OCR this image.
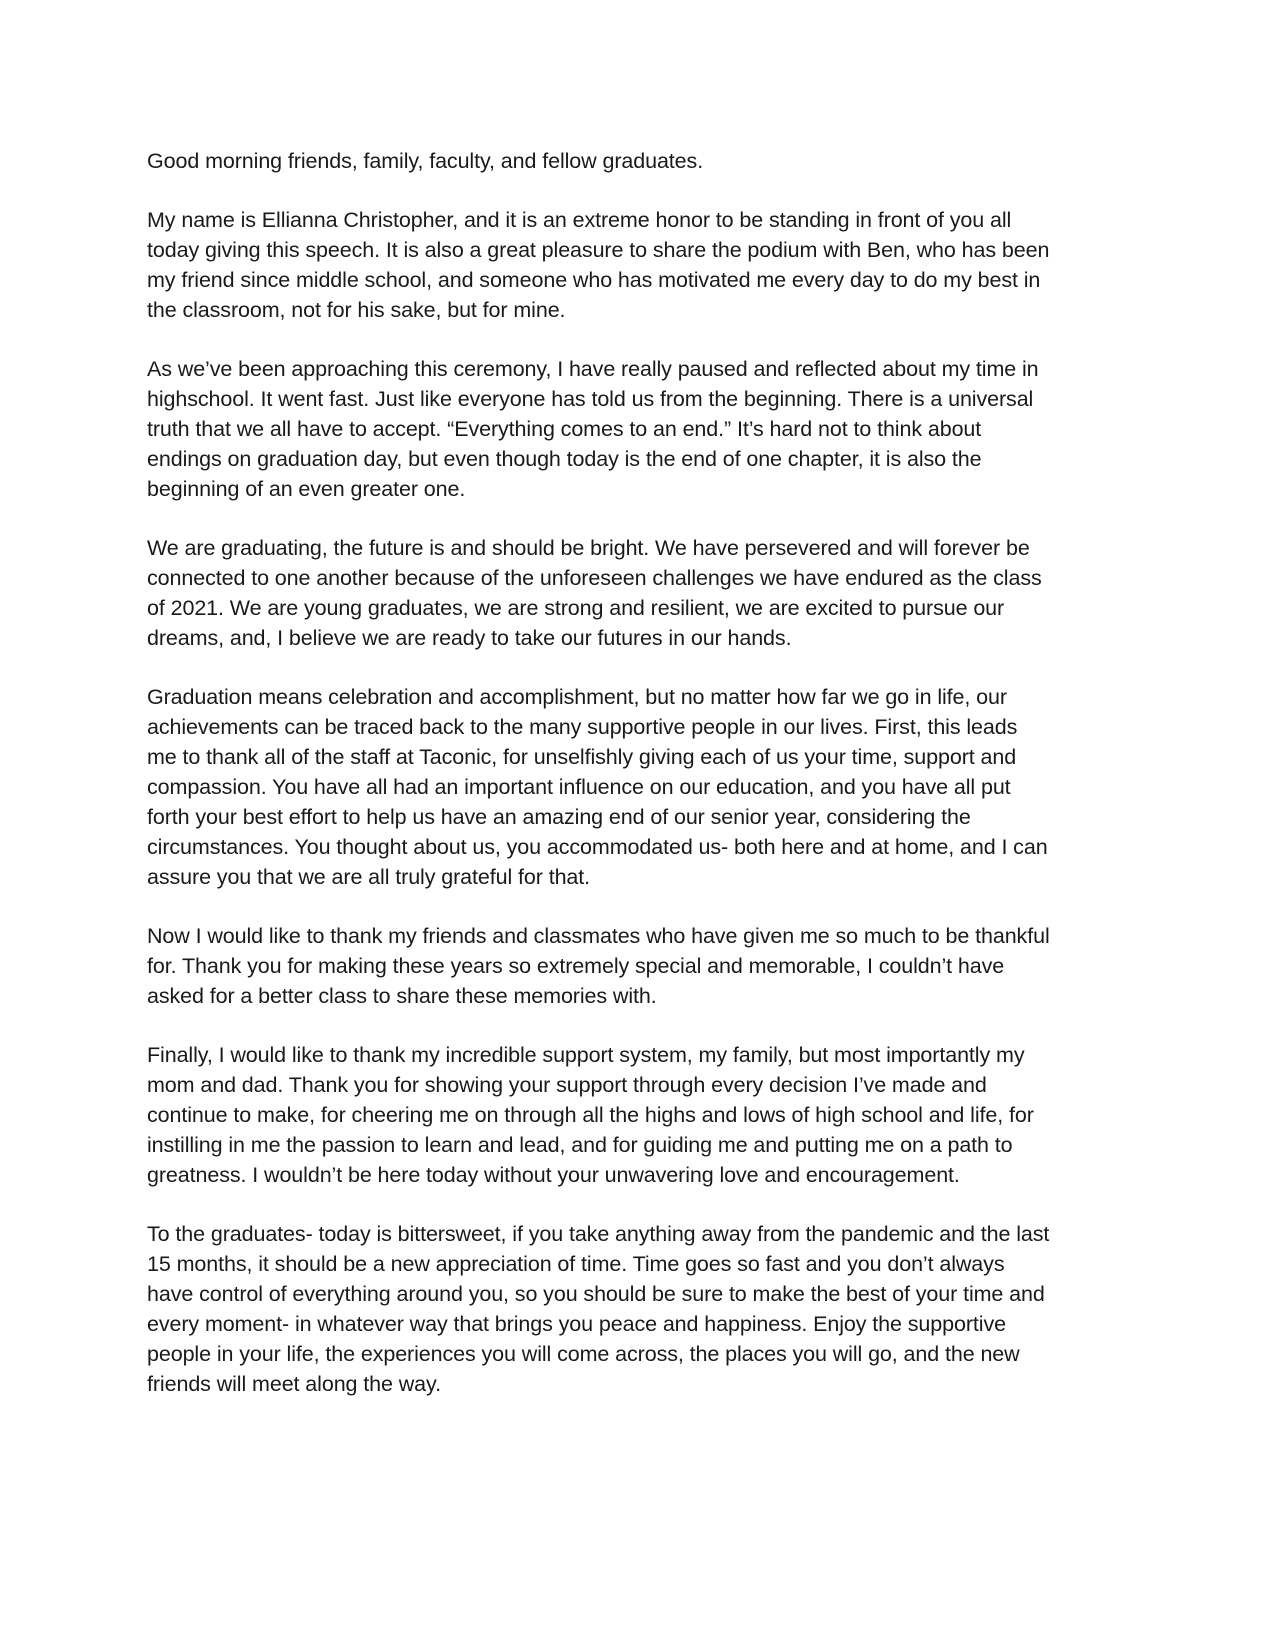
Good morning friends, family, faculty, and fellow graduates.
My name is Ellianna Christopher, and it is an extreme honor to be standing in front of you all
today giving this speech. It is also a great pleasure to share the podium with Ben, who has been
my friend since middle school, and someone who has motivated me every day to do my best in
the classroom, not for his sake, but for mine.
As we’ve been approaching this ceremony, I have really paused and reflected about my time in
highschool. It went fast. Just like everyone has told us from the beginning. There is a universal
truth that we all have to accept. “Everything comes to an end.” It’s hard not to think about
endings on graduation day, but even though today is the end of one chapter, it is also the
beginning of an even greater one.
We are graduating, the future is and should be bright. We have persevered and will forever be
connected to one another because of the unforeseen challenges we have endured as the class
of 2021. We are young graduates, we are strong and resilient, we are excited to pursue our
dreams, and, I believe we are ready to take our futures in our hands.
Graduation means celebration and accomplishment, but no matter how far we go in life, our
achievements can be traced back to the many supportive people in our lives. First, this leads
me to thank all of the staff at Taconic, for unselfishly giving each of us your time, support and
compassion. You have all had an important influence on our education, and you have all put
forth your best effort to help us have an amazing end of our senior year, considering the
circumstances. You thought about us, you accommodated us- both here and at home, and I can
assure you that we are all truly grateful for that.
Now I would like to thank my friends and classmates who have given me so much to be thankful
for. Thank you for making these years so extremely special and memorable, I couldn’t have
asked for a better class to share these memories with.
Finally, I would like to thank my incredible support system, my family, but most importantly my
mom and dad. Thank you for showing your support through every decision I’ve made and
continue to make, for cheering me on through all the highs and lows of high school and life, for
instilling in me the passion to learn and lead, and for guiding me and putting me on a path to
greatness. I wouldn’t be here today without your unwavering love and encouragement.
To the graduates- today is bittersweet, if you take anything away from the pandemic and the last
15 months, it should be a new appreciation of time. Time goes so fast and you don’t always
have control of everything around you, so you should be sure to make the best of your time and
every moment- in whatever way that brings you peace and happiness. Enjoy the supportive
people in your life, the experiences you will come across, the places you will go, and the new
friends will meet along the way.
